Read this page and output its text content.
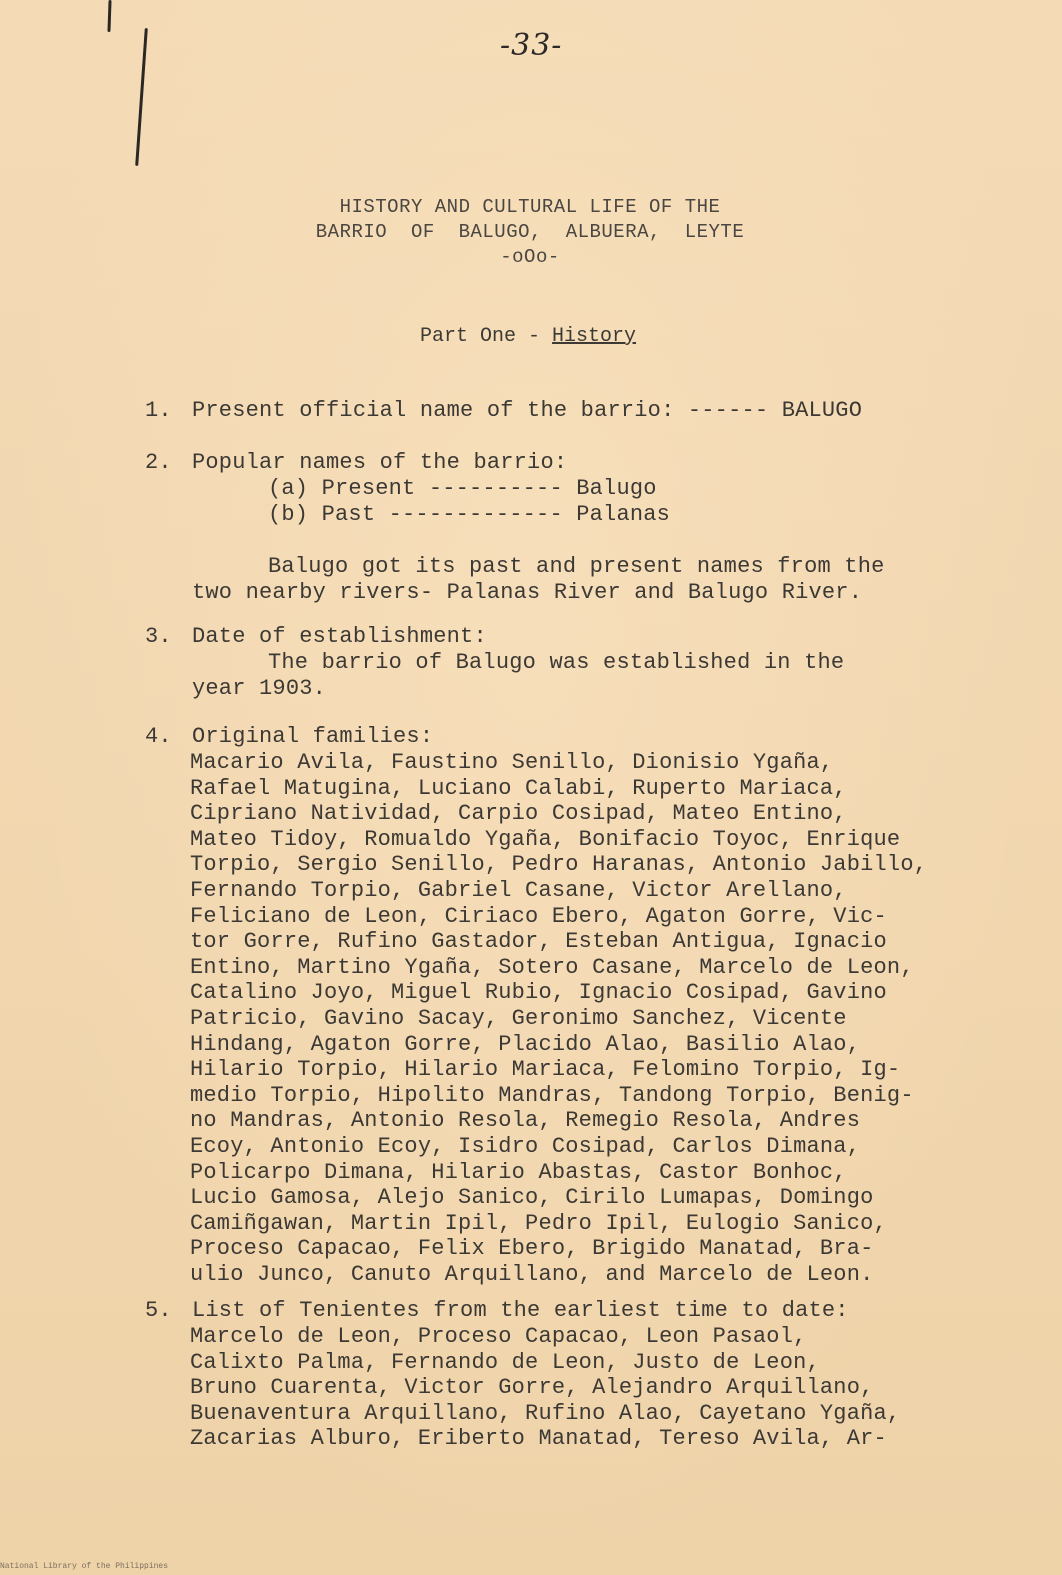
-33-
HISTORY AND CULTURAL LIFE OF THE
BARRIO  OF  BALUGO,  ALBUERA,  LEYTE
-oOo-
Part One - History
1. Present official name of the barrio: ------ BALUGO
2. Popular names of the barrio:
(a) Present ---------- Balugo
(b) Past ------------- Palanas
Balugo got its past and present names from the
two nearby rivers- Palanas River and Balugo River.
3. Date of establishment:
The barrio of Balugo was established in the
year 1903.
4. Original families:
Macario Avila, Faustino Senillo, Dionisio Ygaña,
Rafael Matugina, Luciano Calabi, Ruperto Mariaca,
Cipriano Natividad, Carpio Cosipad, Mateo Entino,
Mateo Tidoy, Romualdo Ygaña, Bonifacio Toyoc, Enrique
Torpio, Sergio Senillo, Pedro Haranas, Antonio Jabillo,
Fernando Torpio, Gabriel Casane, Victor Arellano,
Feliciano de Leon, Ciriaco Ebero, Agaton Gorre, Vic-
tor Gorre, Rufino Gastador, Esteban Antigua, Ignacio
Entino, Martino Ygaña, Sotero Casane, Marcelo de Leon,
Catalino Joyo, Miguel Rubio, Ignacio Cosipad, Gavino
Patricio, Gavino Sacay, Geronimo Sanchez, Vicente
Hindang, Agaton Gorre, Placido Alao, Basilio Alao,
Hilario Torpio, Hilario Mariaca, Felomino Torpio, Ig-
medio Torpio, Hipolito Mandras, Tandong Torpio, Benig-
no Mandras, Antonio Resola, Remegio Resola, Andres
Ecoy, Antonio Ecoy, Isidro Cosipad, Carlos Dimana,
Policarpo Dimana, Hilario Abastas, Castor Bonhoc,
Lucio Gamosa, Alejo Sanico, Cirilo Lumapas, Domingo
Camiñgawan, Martin Ipil, Pedro Ipil, Eulogio Sanico,
Proceso Capacao, Felix Ebero, Brigido Manatad, Bra-
ulio Junco, Canuto Arquillano, and Marcelo de Leon.
5. List of Tenientes from the earliest time to date:
Marcelo de Leon, Proceso Capacao, Leon Pasaol,
Calixto Palma, Fernando de Leon, Justo de Leon,
Bruno Cuarenta, Victor Gorre, Alejandro Arquillano,
Buenaventura Arquillano, Rufino Alao, Cayetano Ygaña,
Zacarias Alburo, Eriberto Manatad, Tereso Avila, Ar-
National Library of the Philippines
